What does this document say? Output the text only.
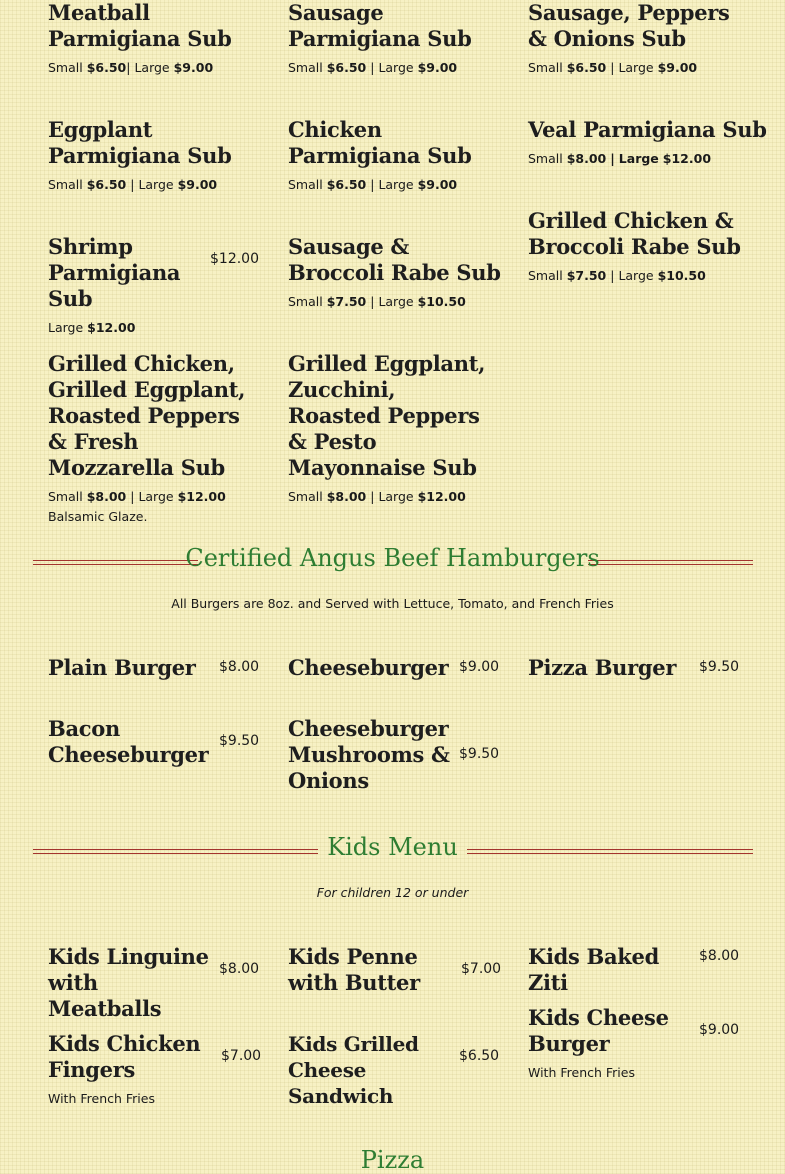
Meatball Parmigiana Sub
Small $6.50| Large $9.00
Sausage Parmigiana Sub
Small $6.50 | Large $9.00
Sausage, Peppers & Onions Sub
Small $6.50 | Large $9.00
Eggplant Parmigiana Sub
Small $6.50 | Large $9.00
Chicken Parmigiana Sub
Small $6.50 | Large $9.00
Veal Parmigiana Sub
Small $8.00 | Large $12.00
Shrimp Parmigiana Sub
Large $12.00
$12.00 Sausage & Broccoli Rabe Sub
Small $7.50 | Large $10.50
Grilled Chicken & Broccoli Rabe Sub
Small $7.50 | Large $10.50
Grilled Chicken, Grilled Eggplant, Roasted Peppers & Fresh Mozzarella Sub
Small $8.00 | Large $12.00
Balsamic Glaze.
Grilled Eggplant, Zucchini, Roasted Peppers & Pesto Mayonnaise Sub
Small $8.00 | Large $12.00
Certified Angus Beef Hamburgers
All Burgers are 8oz. and Served with Lettuce, Tomato, and French Fries
Plain Burger	$8.00 Cheeseburger $9.00 Pizza Burger	$9.50
Bacon Cheeseburger
$9.50 Cheeseburger Mushrooms & Onions
$9.50
Kids Menu
For children 12 or under
Kids Linguine with Meatballs
$8.00 Kids Penne with Butter
$7.00 Kids Baked Ziti
$8.00
Kids Cheese Burger
With French Fries
$9.00
Kids Chicken Fingers
With French Fries
$7.00 Kids Grilled Cheese Sandwich
$6.50
Pizza
